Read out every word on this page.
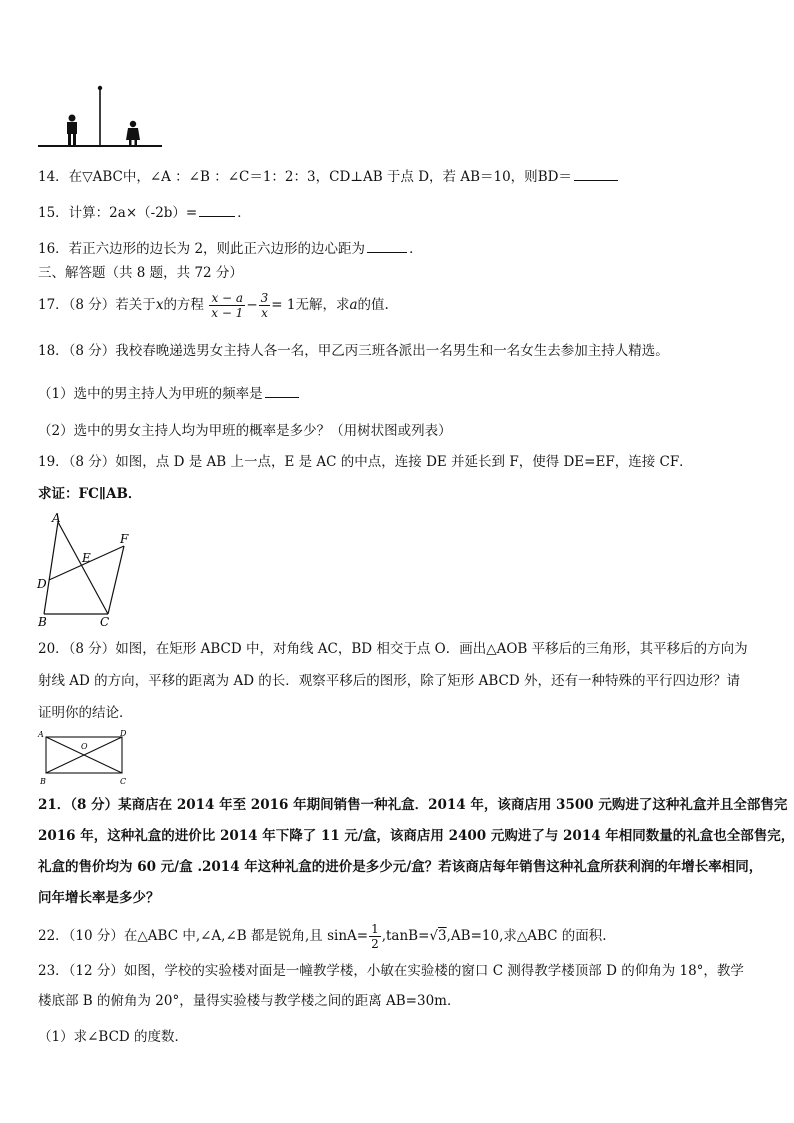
14．在▽ABC中，∠A ：∠B ：∠C＝1：2：3，CD⊥AB 于点 D，若 AB＝10，则BD＝
15．计算：2a×（-2b）=	．
16．若正六边形的边长为 2，则此正六边形的边心距为	．
三、解答题（共 8 题，共 72 分）
17．（8 分）若关于x的方程 $\frac{x - a}{x - 1} - \frac{3}{x} = 1$无解，求a的值.
18．（8 分）我校春晚递选男女主持人各一名，甲乙丙三班各派出一名男生和一名女生去参加主持人精选。
（1）选中的男主持人为甲班的频率是
（2）选中的男女主持人均为甲班的概率是多少？（用树状图或列表）
19．（8 分）如图，点 D 是 AB 上一点，E 是 AC 的中点，连接 DE 并延长到 F，使得 DE=EF，连接 CF．
求证：FC∥AB．
A
B	C
D
E
F
20．（8 分）如图，在矩形 ABCD 中，对角线 AC，BD 相交于点 O．画出△AOB 平移后的三角形，其平移后的方向为
射线 AD 的方向，平移的距离为 AD 的长．观察平移后的图形，除了矩形 ABCD 外，还有一种特殊的平行四边形？请
证明你的结论．
A	D
B	C
O
21．（8 分）某商店在 2014 年至 2016 年期间销售一种礼盒．2014 年，该商店用 3500 元购进了这种礼盒并且全部售完
2016 年，这种礼盒的进价比 2014 年下降了 11 元/盒，该商店用 2400 元购进了与 2014 年相同数量的礼盒也全部售完，
礼盒的售价均为 60 元/盒 .2014 年这种礼盒的进价是多少元/盒？若该商店每年销售这种礼盒所获利润的年增长率相同，
问年增长率是多少？
22．（10 分）在△ABC 中,∠A,∠B 都是锐角,且 $\sin A= \frac{1}{2} ,\tan B=√3,AB=10$,求△ABC 的面积.
23．（12 分）如图，学校的实验楼对面是一幢教学楼，小敏在实验楼的窗口 C 测得教学楼顶部 D 的仰角为 18°，教学
楼底部 B 的俯角为 20°，量得实验楼与教学楼之间的距离 AB=30m．
（1）求∠BCD 的度数．
